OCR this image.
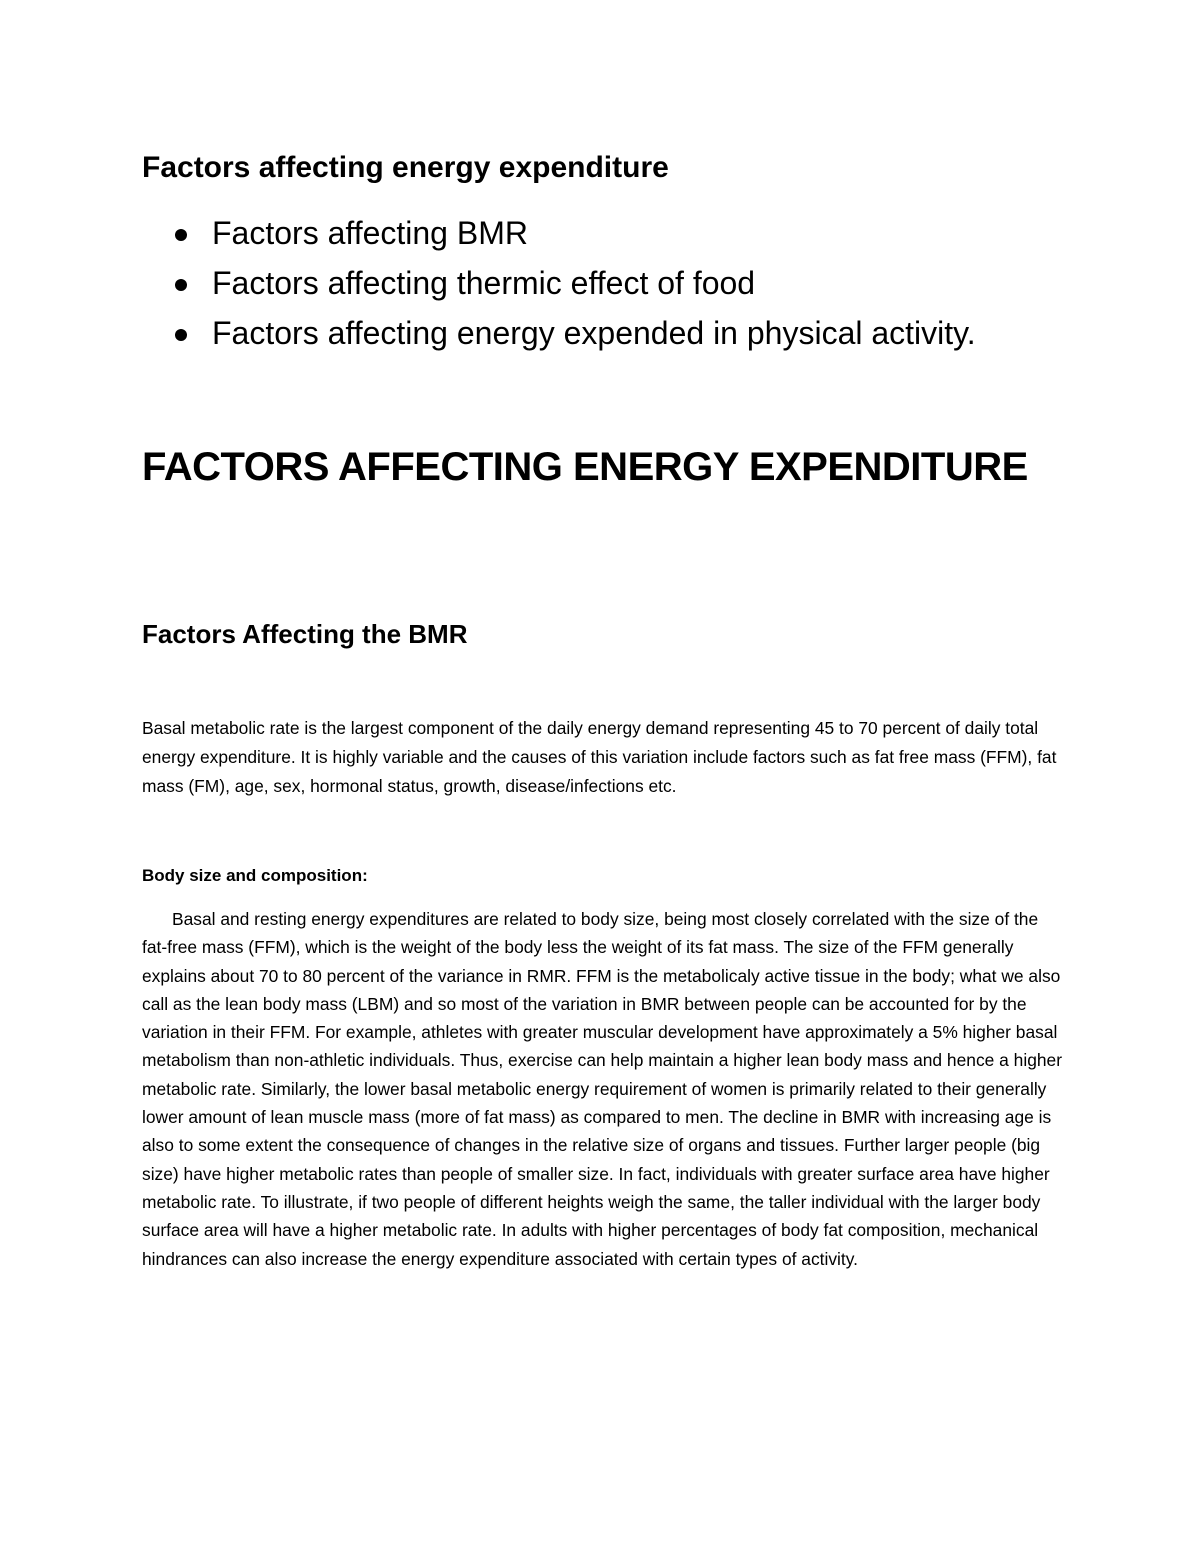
Factors affecting energy expenditure
Factors affecting BMR
Factors affecting thermic effect of food
Factors affecting energy expended in physical activity.
FACTORS AFFECTING ENERGY EXPENDITURE
Factors Affecting the BMR

Basal metabolic rate is the largest component of the daily energy demand representing 45 to 70 percent of daily total energy expenditure. It is highly variable and the causes of this variation include factors such as fat free mass (FFM), fat mass (FM), age, sex, hormonal status, growth, disease/infections etc.

Body size and composition:

Basal and resting energy expenditures are related to body size, being most closely correlated with the size of the fat-free mass (FFM), which is the weight of the body less the weight of its fat mass. The size of the FFM generally explains about 70 to 80 percent of the variance in RMR. FFM is the metabolicaly active tissue in the body; what we also call as the lean body mass (LBM) and so most of the variation in BMR between people can be accounted for by the variation in their FFM. For example, athletes with greater muscular development have approximately a 5% higher basal metabolism than non-athletic individuals. Thus, exercise can help maintain a higher lean body mass and hence a higher metabolic rate. Similarly, the lower basal metabolic energy requirement of women is primarily related to their generally lower amount of lean muscle mass (more of fat mass) as compared to men. The decline in BMR with increasing age is also to some extent the consequence of changes in the relative size of organs and tissues. Further larger people (big size) have higher metabolic rates than people of smaller size. In fact, individuals with greater surface area have higher metabolic rate. To illustrate, if two people of different heights weigh the same, the taller individual with the larger body surface area will have a higher metabolic rate. In adults with higher percentages of body fat composition, mechanical hindrances can also increase the energy expenditure associated with certain types of activity.
